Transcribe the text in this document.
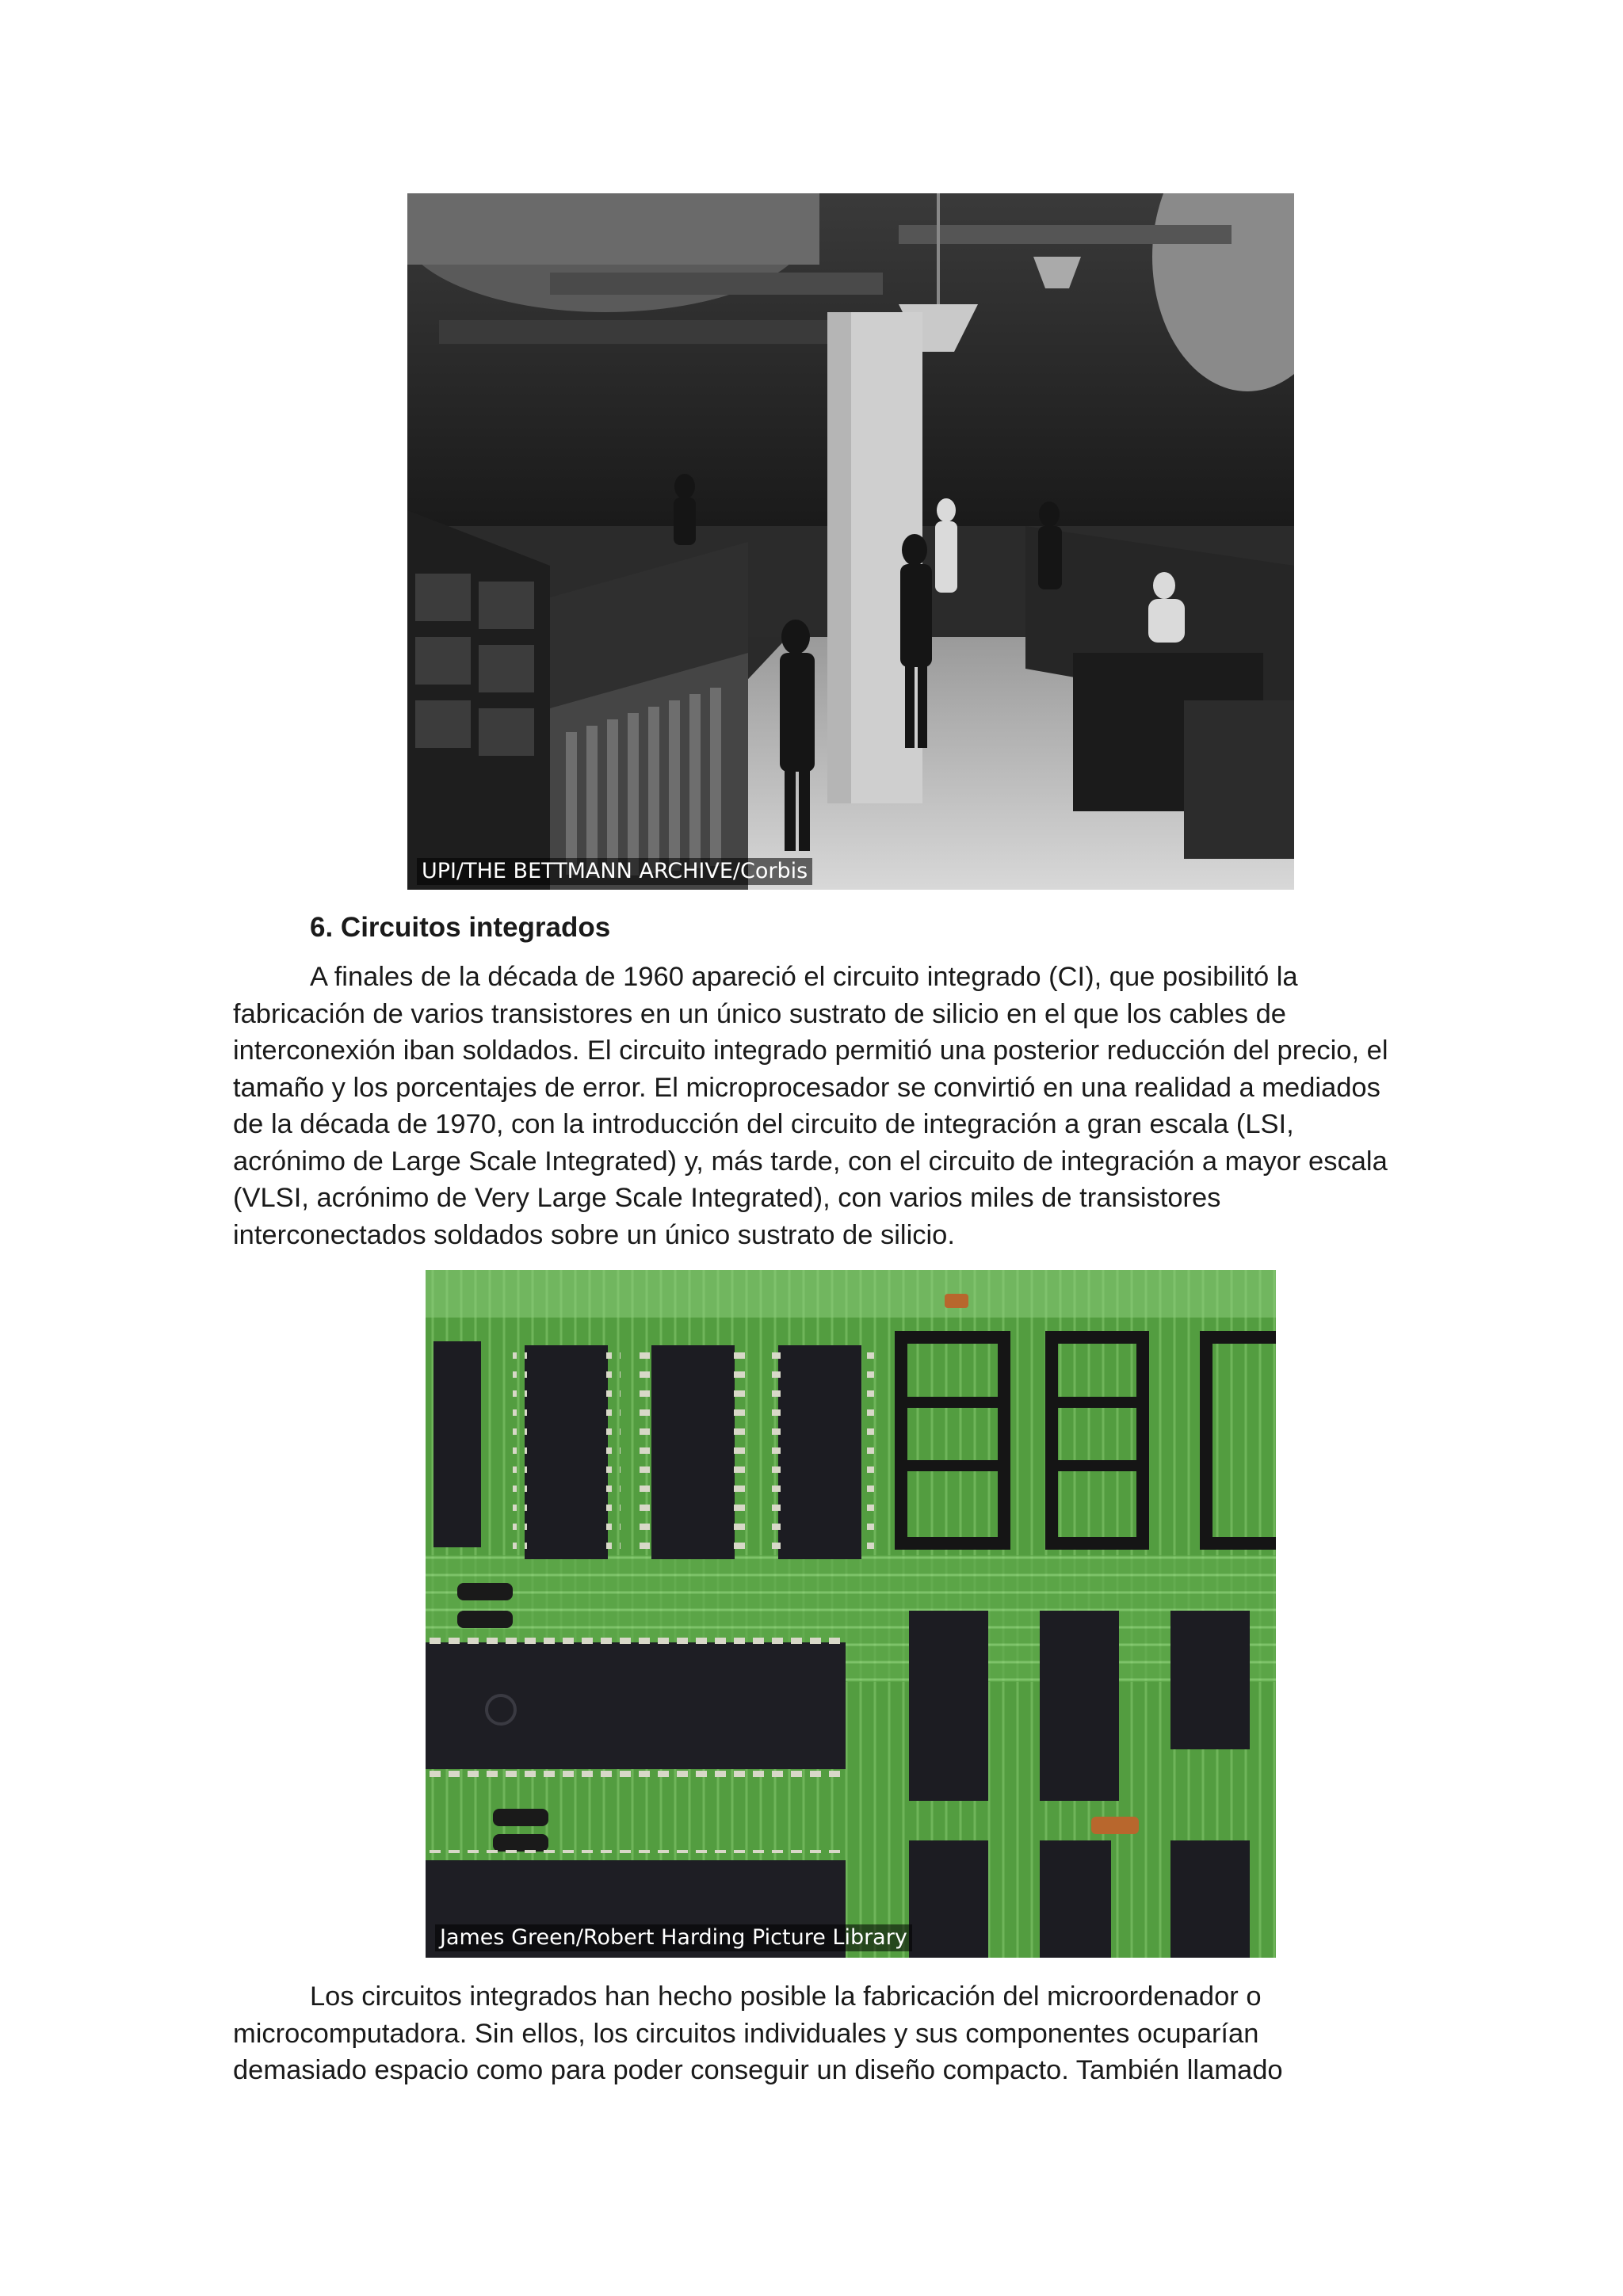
UPI/THE BETTMANN ARCHIVE/Corbis
6. Circuitos integrados

A finales de la década de 1960 apareció el circuito integrado (CI), que posibilitó la fabricación de varios transistores en un único sustrato de silicio en el que los cables de interconexión iban soldados. El circuito integrado permitió una posterior reducción del precio, el tamaño y los porcentajes de error. El microprocesador se convirtió en una realidad a mediados de la década de 1970, con la introducción del circuito de integración a gran escala (LSI, acrónimo de Large Scale Integrated) y, más tarde, con el circuito de integración a mayor escala (VLSI, acrónimo de Very Large Scale Integrated), con varios miles de transistores interconectados soldados sobre un único sustrato de silicio.

James Green/Robert Harding Picture Library

Los circuitos integrados han hecho posible la fabricación del microordenador o microcomputadora. Sin ellos, los circuitos individuales y sus componentes ocuparían demasiado espacio como para poder conseguir un diseño compacto. También llamado
